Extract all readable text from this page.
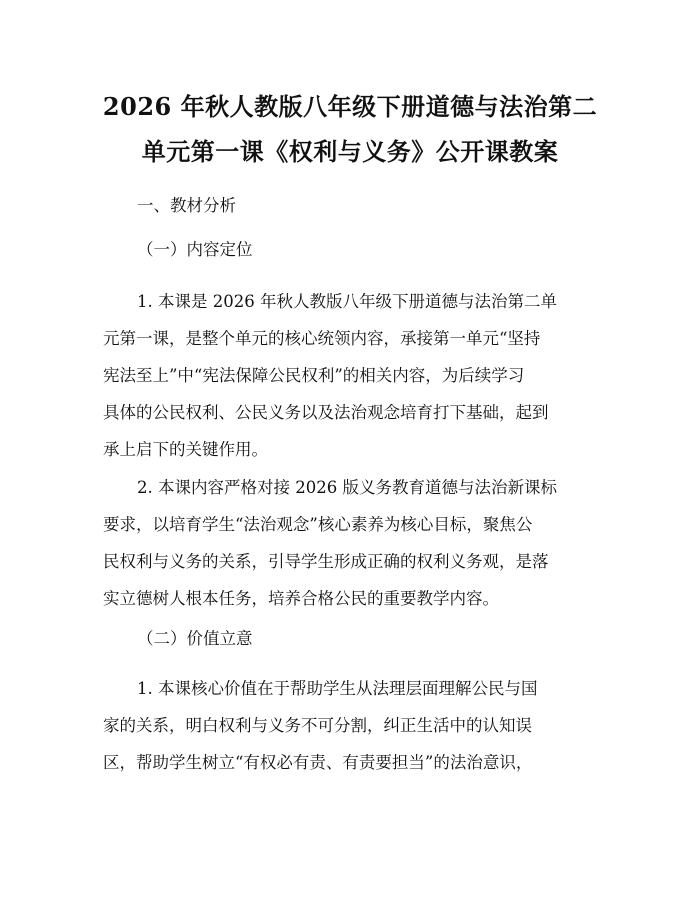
2026 年秋人教版八年级下册道德与法治第二
单元第一课《权利与义务》公开课教案
一、教材分析
（一）内容定位
1. 本课是 2026 年秋人教版八年级下册道德与法治第二单
元第一课，是整个单元的核心统领内容，承接第一单元“坚持
宪法至上”中“宪法保障公民权利”的相关内容，为后续学习
具体的公民权利、公民义务以及法治观念培育打下基础，起到
承上启下的关键作用。
2. 本课内容严格对接 2026 版义务教育道德与法治新课标
要求，以培育学生“法治观念”核心素养为核心目标，聚焦公
民权利与义务的关系，引导学生形成正确的权利义务观，是落
实立德树人根本任务，培养合格公民的重要教学内容。
（二）价值立意
1. 本课核心价值在于帮助学生从法理层面理解公民与国
家的关系，明白权利与义务不可分割，纠正生活中的认知误
区，帮助学生树立“有权必有责、有责要担当”的法治意识，
